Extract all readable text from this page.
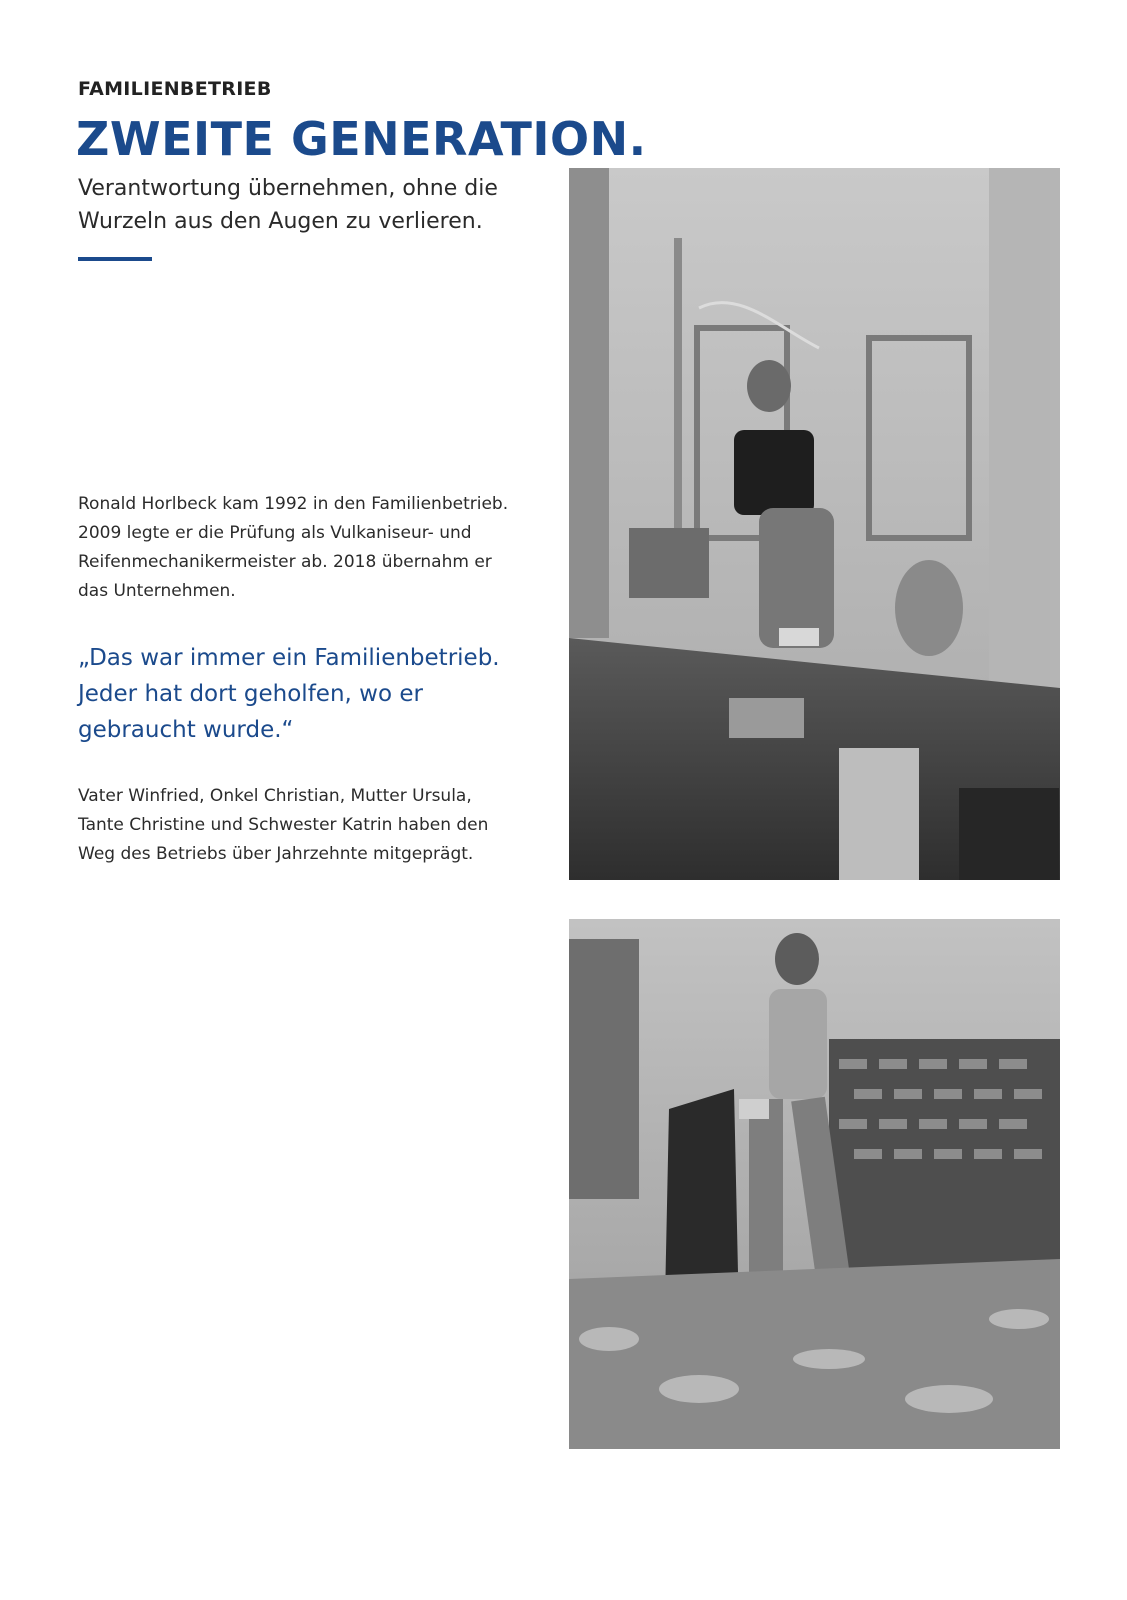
FAMILIENBETRIEB

ZWEITE GENERATION.

Verantwortung übernehmen, ohne die Wurzeln aus den Augen zu verlieren.

Ronald Horlbeck kam 1992 in den Familienbetrieb. 2009 legte er die Prüfung als Vulkaniseur- und Reifenmechanikermeister ab. 2018 übernahm er das Unternehmen.

„Das war immer ein Familienbetrieb. Jeder hat dort geholfen, wo er gebraucht wurde.“

Vater Winfried, Onkel Christian, Mutter Ursula, Tante Christine und Schwester Katrin haben den Weg des Betriebs über Jahrzehnte mitgeprägt.
